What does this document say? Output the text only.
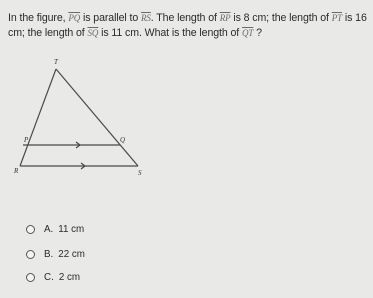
In the figure, $\overline{PQ}$ is parallel to $\overline{RS}$. The length of $\overline{RP}$ is 8 cm; the length of $\overline{PT}$ is 16 cm; the length of $\overline{SQ}$ is 11 cm. What is the length of $\overline{QT}$ ?
T
P	Q
R	S
A. 11 cm
B. 22 cm
C. 2 cm
